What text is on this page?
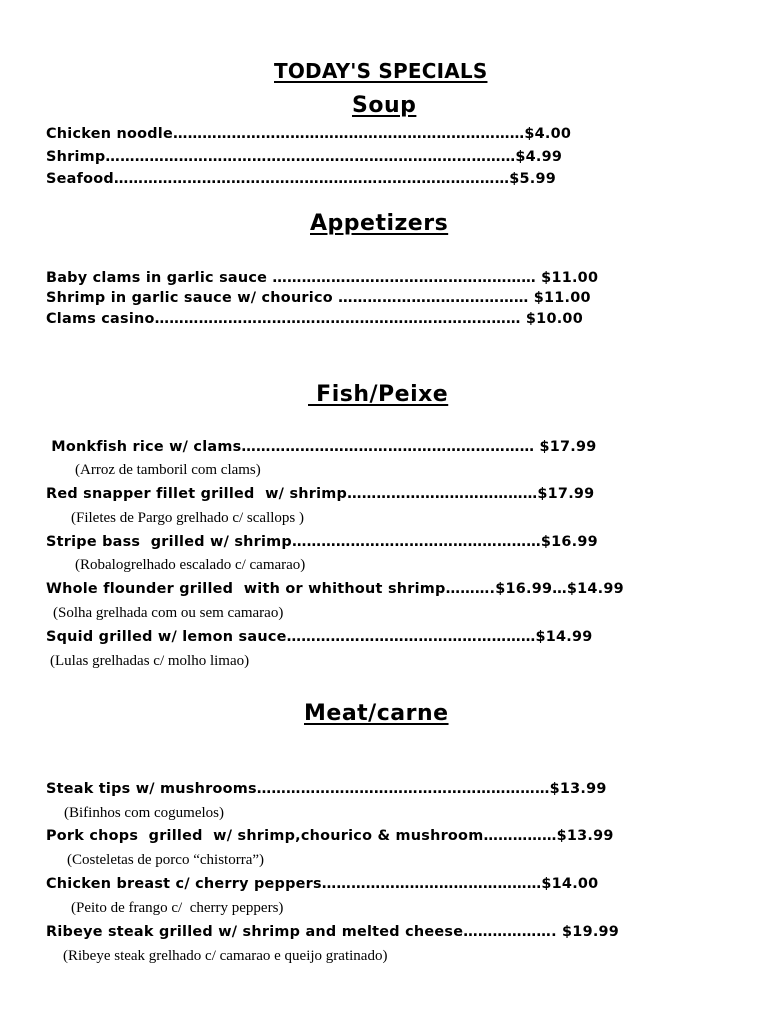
TODAY'S SPECIALS
Soup
Chicken noodle………………………………………………………………$4.00
Shrimp…………………………………………………………………………$4.99
Seafood………………………………………………………………………$5.99
Appetizers
Baby clams in garlic sauce ……………………………………………… $11.00
Shrimp in garlic sauce w/ chourico ………………………………… $11.00
Clams casino………………………………………………………………… $10.00
Fish/Peixe
Monkfish rice w/ clams…………………………………………………… $17.99
(Arroz de tamboril com clams)
Red snapper fillet grilled  w/ shrimp…………………………………$17.99
(Filetes de Pargo grelhado c/ scallops )
Stripe bass  grilled w/ shrimp……………………………………………$16.99
(Robalogrelhado escalado c/ camarao)
Whole flounder grilled  with or whithout shrimp……….$16.99…$14.99
(Solha grelhada com ou sem camarao)
Squid grilled w/ lemon sauce……………………………………………$14.99
(Lulas grelhadas c/ molho limao)
Meat/carne
Steak tips w/ mushrooms……………………………………………………$13.99
(Bifinhos com cogumelos)
Pork chops  grilled  w/ shrimp,chourico & mushroom……………$13.99
(Costeletas de porco “chistorra”)
Chicken breast c/ cherry peppers………………………………………$14.00
(Peito de frango c/  cherry peppers)
Ribeye steak grilled w/ shrimp and melted cheese………………. $19.99
(Ribeye steak grelhado c/ camarao e queijo gratinado)
